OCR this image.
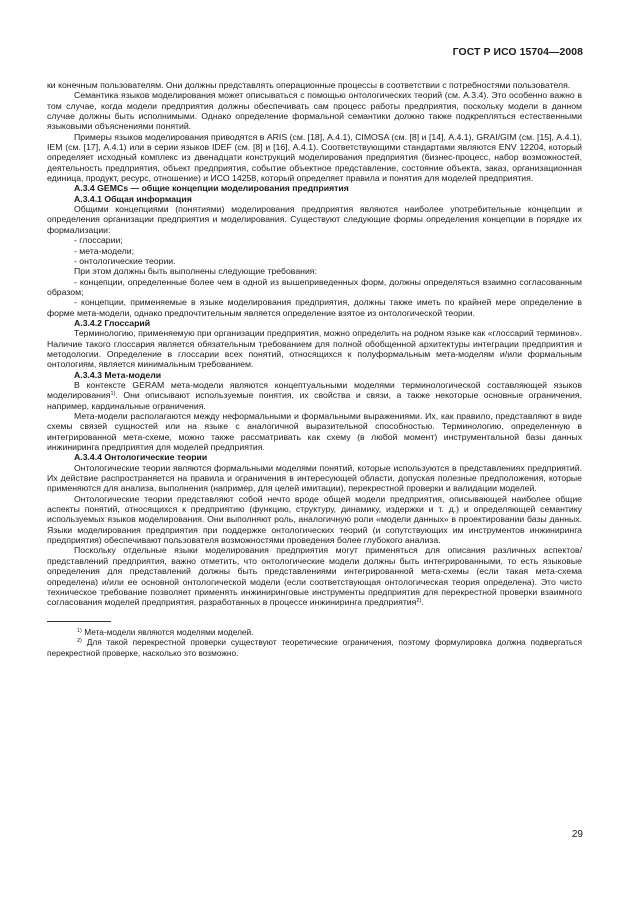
ГОСТ Р ИСО 15704—2008

ки конечным пользователям. Они должны представлять операционные процессы в соответствии с потребностями пользователя.

Семантика языков моделирования может описываться с помощью онтологических теорий (см. А.3.4). Это особенно важно в том случае, когда модели предприятия должны обеспечивать сам процесс работы предприятия, поскольку модели в данном случае должны быть исполнимыми. Однако определение формальной семантики должно также подкрепляться естественными языковыми объяснениями понятий.

Примеры языков моделирования приводятся в ARIS (см. [18], А.4.1), CIMOSA (см. [8] и [14], А.4.1), GRAI/GIM (см. [15], А.4.1), IEM (см. [17], А.4.1) или в серии языков IDEF (см. [8] и [16], А.4.1). Соответствующими стандартами являются ENV 12204, который определяет исходный комплекс из двенадцати конструкций моделирования предприятия (бизнес-процесс, набор возможностей, деятельность предприятия, объект предприятия, событие объектное представление, состояние объекта, заказ, организационная единица, продукт, ресурс, отношение) и ИСО 14258, который определяет правила и понятия для моделей предприятия.

А.3.4 GEMCs — общие концепции моделирования предприятия

А.3.4.1 Общая информация

Общими концепциями (понятиями) моделирования предприятия являются наиболее употребительные концепции и определения организации предприятия и моделирования. Существуют следующие формы определения концепции в порядке их формализации:

- глоссарии;

- мета-модели;

- онтологические теории.

При этом должны быть выполнены следующие требования:

- концепции, определенные более чем в одной из вышеприведенных форм, должны определяться взаимно согласованным образом;

- концепции, применяемые в языке моделирования предприятия, должны также иметь по крайней мере определение в форме мета-модели, однако предпочтительным является определение взятое из онтологической теории.

А.3.4.2 Глоссарий

Терминологию, применяемую при организации предприятия, можно определить на родном языке как «глоссарий терминов». Наличие такого глоссария является обязательным требованием для полной обобщенной архитектуры интеграции предприятия и методологии. Определение в глоссарии всех понятий, относящихся к полуформальным мета-моделям и/или формальным онтологиям, является минимальным требованием.

А.3.4.3 Мета-модели

В контексте GERAM мета-модели являются концептуальными моделями терминологической составляющей языков моделирования$^{1)}$. Они описывают используемые понятия, их свойства и связи, а также некоторые основные ограничения, например, кардинальные ограничения.

Мета-модели располагаются между неформальными и формальными выражениями. Их, как правило, представляют в виде схемы связей сущностей или на языке с аналогичной выразительной способностью. Терминологию, определенную в интегрированной мета-схеме, можно также рассматривать как схему (в любой момент) инструментальной базы данных инжиниринга предприятия для моделей предприятия.

А.3.4.4 Онтологические теории

Онтологические теории являются формальными моделями понятий, которые используются в представлениях предприятий. Их действие распространяется на правила и ограничения в интересующей области, допуская полезные предположения, которые применяются для анализа, выполнения (например, для целей имитации), перекрестной проверки и валидации моделей.

Онтологические теории представляют собой нечто вроде общей модели предприятия, описывающей наиболее общие аспекты понятий, относящихся к предприятию (функцию, структуру, динамику, издержки и т. д.) и определяющей семантику используемых языков моделирования. Они выполняют роль, аналогичную роли «модели данных» в проектировании базы данных. Языки моделирования предприятия при поддержке онтологических теорий (и сопутствующих им инструментов инжиниринга предприятия) обеспечивают пользователя возможностями проведения более глубокого анализа.

Поскольку отдельные языки моделирования предприятия могут применяться для описания различных аспектов/представлений предприятия, важно отметить, что онтологические модели должны быть интегрированными, то есть языковые определения для представлений должны быть представлениями интегрированной мета-схемы (если такая мета-схема определена) и/или ее основной онтологической модели (если соответствующая онтологическая теория определена). Это чисто техническое требование позволяет применять инжиниринговые инструменты предприятия для перекрестной проверки взаимного согласования моделей предприятия, разработанных в процессе инжиниринга предприятия$^{2)}$.

$^{1)}$ Мета-модели являются моделями моделей.

$^{2)}$ Для такой перекрестной проверки существуют теоретические ограничения, поэтому формулировка должна подвергаться перекрестной проверке, насколько это возможно.

29
